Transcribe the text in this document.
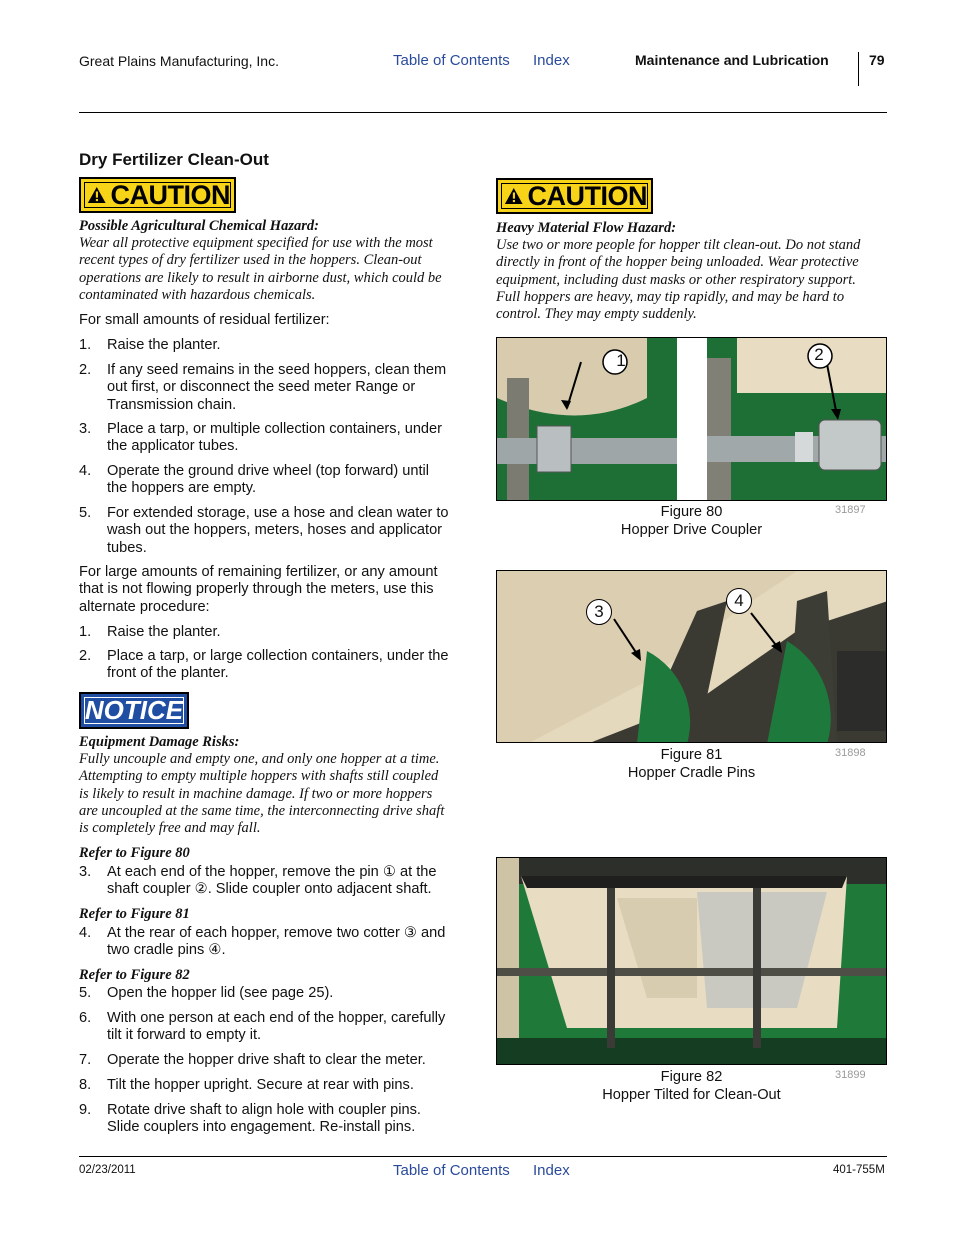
Great Plains Manufacturing, Inc.	Table of Contents Index	Maintenance and Lubrication	79
Dry Fertilizer Clean-Out
CAUTION
Possible Agricultural Chemical Hazard:
Wear all protective equipment specified for use with the most
recent types of dry fertilizer used in the hoppers. Clean-out
operations are likely to result in airborne dust, which could be
contaminated with hazardous chemicals.
For small amounts of residual fertilizer:
1. Raise the planter.
2. If any seed remains in the seed hoppers, clean them
out first, or disconnect the seed meter Range or
Transmission chain.
3. Place a tarp, or multiple collection containers, under
the applicator tubes.
4. Operate the ground drive wheel (top forward) until
the hoppers are empty.
5. For extended storage, use a hose and clean water to
wash out the hoppers, meters, hoses and applicator
tubes.
For large amounts of remaining fertilizer, or any amount
that is not flowing properly through the meters, use this
alternate procedure:
1. Raise the planter.
2. Place a tarp, or large collection containers, under the
front of the planter.
NOTICE
Equipment Damage Risks:
Fully uncouple and empty one, and only one hopper at a time.
Attempting to empty multiple hoppers with shafts still coupled
is likely to result in machine damage. If two or more hoppers
are uncoupled at the same time, the interconnecting drive shaft
is completely free and may fall.
Refer to Figure 80
3. At each end of the hopper, remove the pin ① at the
shaft coupler ②. Slide coupler onto adjacent shaft.
Refer to Figure 81
4. At the rear of each hopper, remove two cotter ③ and
two cradle pins ④.
Refer to Figure 82
5. Open the hopper lid (see page 25).
6. With one person at each end of the hopper, carefully
tilt it forward to empty it.
7. Operate the hopper drive shaft to clear the meter.
8. Tilt the hopper upright. Secure at rear with pins.
9. Rotate drive shaft to align hole with coupler pins.
Slide couplers into engagement. Re-install pins.
CAUTION
Heavy Material Flow Hazard:
Use two or more people for hopper tilt clean-out. Do not stand
directly in front of the hopper being unloaded. Wear protective
equipment, including dust masks or other respiratory support.
Full hoppers are heavy, may tip rapidly, and may be hard to
control. They may empty suddenly.
1	2
Figure 80
Hopper Drive Coupler
31897
3
4
Figure 81
Hopper Cradle Pins
31898
Figure 82
Hopper Tilted for Clean-Out
31899
02/23/2011	Table of Contents Index	401-755M
